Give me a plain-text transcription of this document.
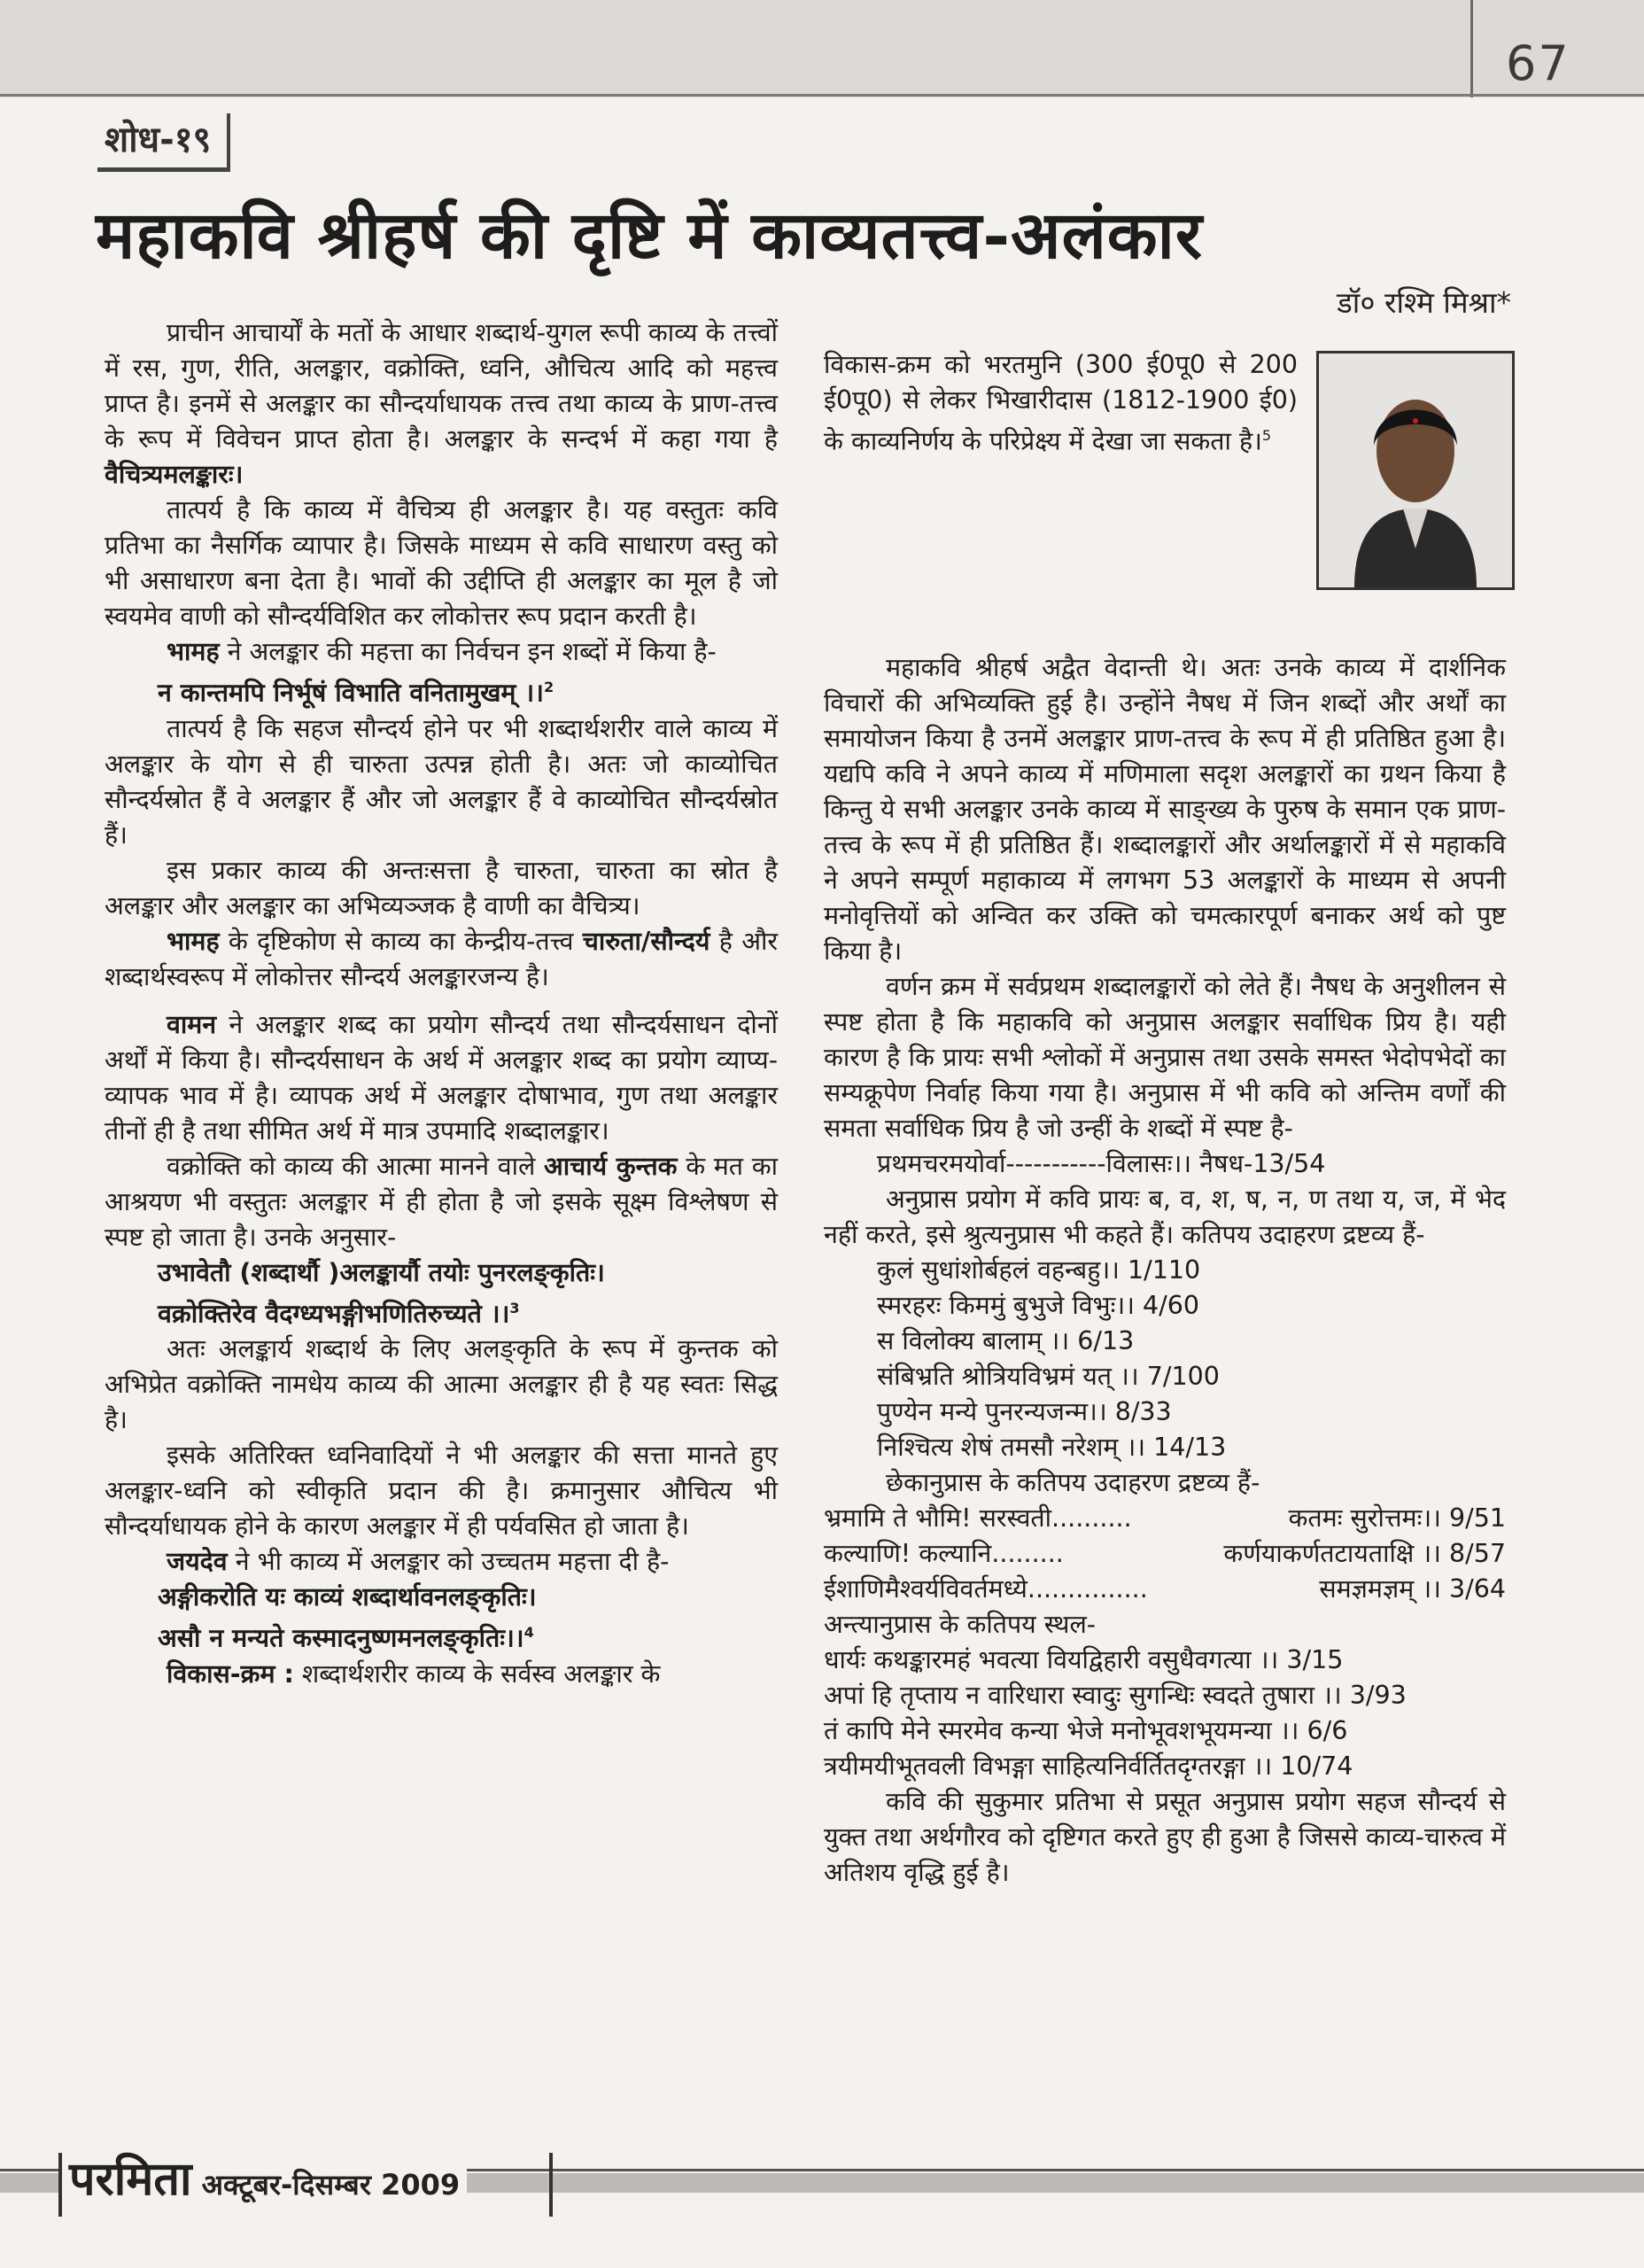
67
शोध-१९
महाकवि श्रीहर्ष की दृष्टि में काव्यतत्त्व-अलंकार
डॉ० रश्मि मिश्रा*
विकास-क्रम को भरतमुनि (300 ई0पू0 से 200 ई0पू0) से लेकर भिखारीदास (1812-1900 ई0) के काव्यनिर्णय के परिप्रेक्ष्य में देखा जा सकता है।$^5$

प्राचीन आचार्यों के मतों के आधार शब्दार्थ-युगल रूपी काव्य के तत्त्वों में रस, गुण, रीति, अलङ्कार, वक्रोक्ति, ध्वनि, औचित्य आदि को महत्त्व प्राप्त है। इनमें से अलङ्कार का सौन्दर्याधायक तत्त्व तथा काव्य के प्राण-तत्त्व के रूप में विवेचन प्राप्त होता है। अलङ्कार के सन्दर्भ में कहा गया है वैचित्र्यमलङ्कारः।

तात्पर्य है कि काव्य में वैचित्र्य ही अलङ्कार है। यह वस्तुतः कवि प्रतिभा का नैसर्गिक व्यापार है। जिसके माध्यम से कवि साधारण वस्तु को भी असाधारण बना देता है। भावों की उद्दीप्ति ही अलङ्कार का मूल है जो स्वयमेव वाणी को सौन्दर्यविशित कर लोकोत्तर रूप प्रदान करती है।

भामह ने अलङ्कार की महत्ता का निर्वचन इन शब्दों में किया है-

न कान्तमपि निर्भूषं विभाति वनितामुखम् ।।$^2$

तात्पर्य है कि सहज सौन्दर्य होने पर भी शब्दार्थशरीर वाले काव्य में अलङ्कार के योग से ही चारुता उत्पन्न होती है। अतः जो काव्योचित सौन्दर्यस्रोत हैं वे अलङ्कार हैं और जो अलङ्कार हैं वे काव्योचित सौन्दर्यस्रोत हैं।

इस प्रकार काव्य की अन्तःसत्ता है चारुता, चारुता का स्रोत है अलङ्कार और अलङ्कार का अभिव्यञ्जक है वाणी का वैचित्र्य।

भामह के दृष्टिकोण से काव्य का केन्द्रीय-तत्त्व चारुता/सौन्दर्य है और शब्दार्थस्वरूप में लोकोत्तर सौन्दर्य अलङ्कारजन्य है।

वामन ने अलङ्कार शब्द का प्रयोग सौन्दर्य तथा सौन्दर्यसाधन दोनों अर्थों में किया है। सौन्दर्यसाधन के अर्थ में अलङ्कार शब्द का प्रयोग व्याप्य-व्यापक भाव में है। व्यापक अर्थ में अलङ्कार दोषाभाव, गुण तथा अलङ्कार तीनों ही है तथा सीमित अर्थ में मात्र उपमादि शब्दालङ्कार।

वक्रोक्ति को काव्य की आत्मा मानने वाले आचार्य कुन्तक के मत का आश्रयण भी वस्तुतः अलङ्कार में ही होता है जो इसके सूक्ष्म विश्लेषण से स्पष्ट हो जाता है। उनके अनुसार-

उभावेतौ (शब्दार्थौ )अलङ्कार्यौ तयोः पुनरलङ्कृतिः।

वक्रोक्तिरेव वैदग्ध्यभङ्गीभणितिरुच्यते ।।$^3$

अतः अलङ्कार्य शब्दार्थ के लिए अलङ्कृति के रूप में कुन्तक को अभिप्रेत वक्रोक्ति नामधेय काव्य की आत्मा अलङ्कार ही है यह स्वतः सिद्ध है।

इसके अतिरिक्त ध्वनिवादियों ने भी अलङ्कार की सत्ता मानते हुए अलङ्कार-ध्वनि को स्वीकृति प्रदान की है। क्रमानुसार औचित्य भी सौन्दर्याधायक होने के कारण अलङ्कार में ही पर्यवसित हो जाता है।

जयदेव ने भी काव्य में अलङ्कार को उच्चतम महत्ता दी है-

अङ्गीकरोति यः काव्यं शब्दार्थावनलङ्कृतिः।

असौ न मन्यते कस्मादनुष्णमनलङ्कृतिः।।$^4$

विकास-क्रम : शब्दार्थशरीर काव्य के सर्वस्व अलङ्कार के

महाकवि श्रीहर्ष अद्वैत वेदान्ती थे। अतः उनके काव्य में दार्शनिक विचारों की अभिव्यक्ति हुई है। उन्होंने नैषध में जिन शब्दों और अर्थों का समायोजन किया है उनमें अलङ्कार प्राण-तत्त्व के रूप में ही प्रतिष्ठित हुआ है। यद्यपि कवि ने अपने काव्य में मणिमाला सदृश अलङ्कारों का ग्रथन किया है किन्तु ये सभी अलङ्कार उनके काव्य में साङ्ख्य के पुरुष के समान एक प्राण-तत्त्व के रूप में ही प्रतिष्ठित हैं। शब्दालङ्कारों और अर्थालङ्कारों में से महाकवि ने अपने सम्पूर्ण महाकाव्य में लगभग 53 अलङ्कारों के माध्यम से अपनी मनोवृत्तियों को अन्वित कर उक्ति को चमत्कारपूर्ण बनाकर अर्थ को पुष्ट किया है।

वर्णन क्रम में सर्वप्रथम शब्दालङ्कारों को लेते हैं। नैषध के अनुशीलन से स्पष्ट होता है कि महाकवि को अनुप्रास अलङ्कार सर्वाधिक प्रिय है। यही कारण है कि प्रायः सभी श्लोकों में अनुप्रास तथा उसके समस्त भेदोपभेदों का सम्यक्रूपेण निर्वाह किया गया है। अनुप्रास में भी कवि को अन्तिम वर्णों की समता सर्वाधिक प्रिय है जो उन्हीं के शब्दों में स्पष्ट है-

प्रथमचरमयोर्वा-----------विलासः।। नैषध-13/54

अनुप्रास प्रयोग में कवि प्रायः ब, व, श, ष, न, ण तथा य, ज, में भेद नहीं करते, इसे श्रुत्यनुप्रास भी कहते हैं। कतिपय उदाहरण द्रष्टव्य हैं-

कुलं सुधांशोर्बहलं वहन्बहु।। 1/110

स्मरहरः किममुं बुभुजे विभुः।। 4/60

स विलोक्य बालाम् ।। 6/13

संबिभ्रति श्रोत्रियविभ्रमं यत् ।। 7/100

पुण्येन मन्ये पुनरन्यजन्म।। 8/33

निश्चित्य शेषं तमसौ नरेशम् ।। 14/13

छेकानुप्रास के कतिपय उदाहरण द्रष्टव्य हैं-

भ्रमामि ते भौमि! सरस्वती..........	कतमः सुरोत्तमः।। 9/51
कल्याणि! कल्यानि.........	कर्णयाकर्णतटायताक्षि ।। 8/57
ईशाणिमैश्वर्यविवर्तमध्ये...............	समज्ञमज्ञम् ।। 3/64

अन्त्यानुप्रास के कतिपय स्थल-

धार्यः कथङ्कारमहं भवत्या वियद्विहारी वसुधैवगत्या ।। 3/15

अपां हि तृप्ताय न वारिधारा स्वादुः सुगन्धिः स्वदते तुषारा ।। 3/93

तं कापि मेने स्मरमेव कन्या भेजे मनोभूवशभूयमन्या ।। 6/6

त्रयीमयीभूतवली विभङ्गा साहित्यनिर्वर्तितदृग्तरङ्गा ।। 10/74

कवि की सुकुमार प्रतिभा से प्रसूत अनुप्रास प्रयोग सहज सौन्दर्य से युक्त तथा अर्थगौरव को दृष्टिगत करते हुए ही हुआ है जिससे काव्य-चारुत्व में अतिशय वृद्धि हुई है।

परमिता अक्टूबर-दिसम्बर 2009
